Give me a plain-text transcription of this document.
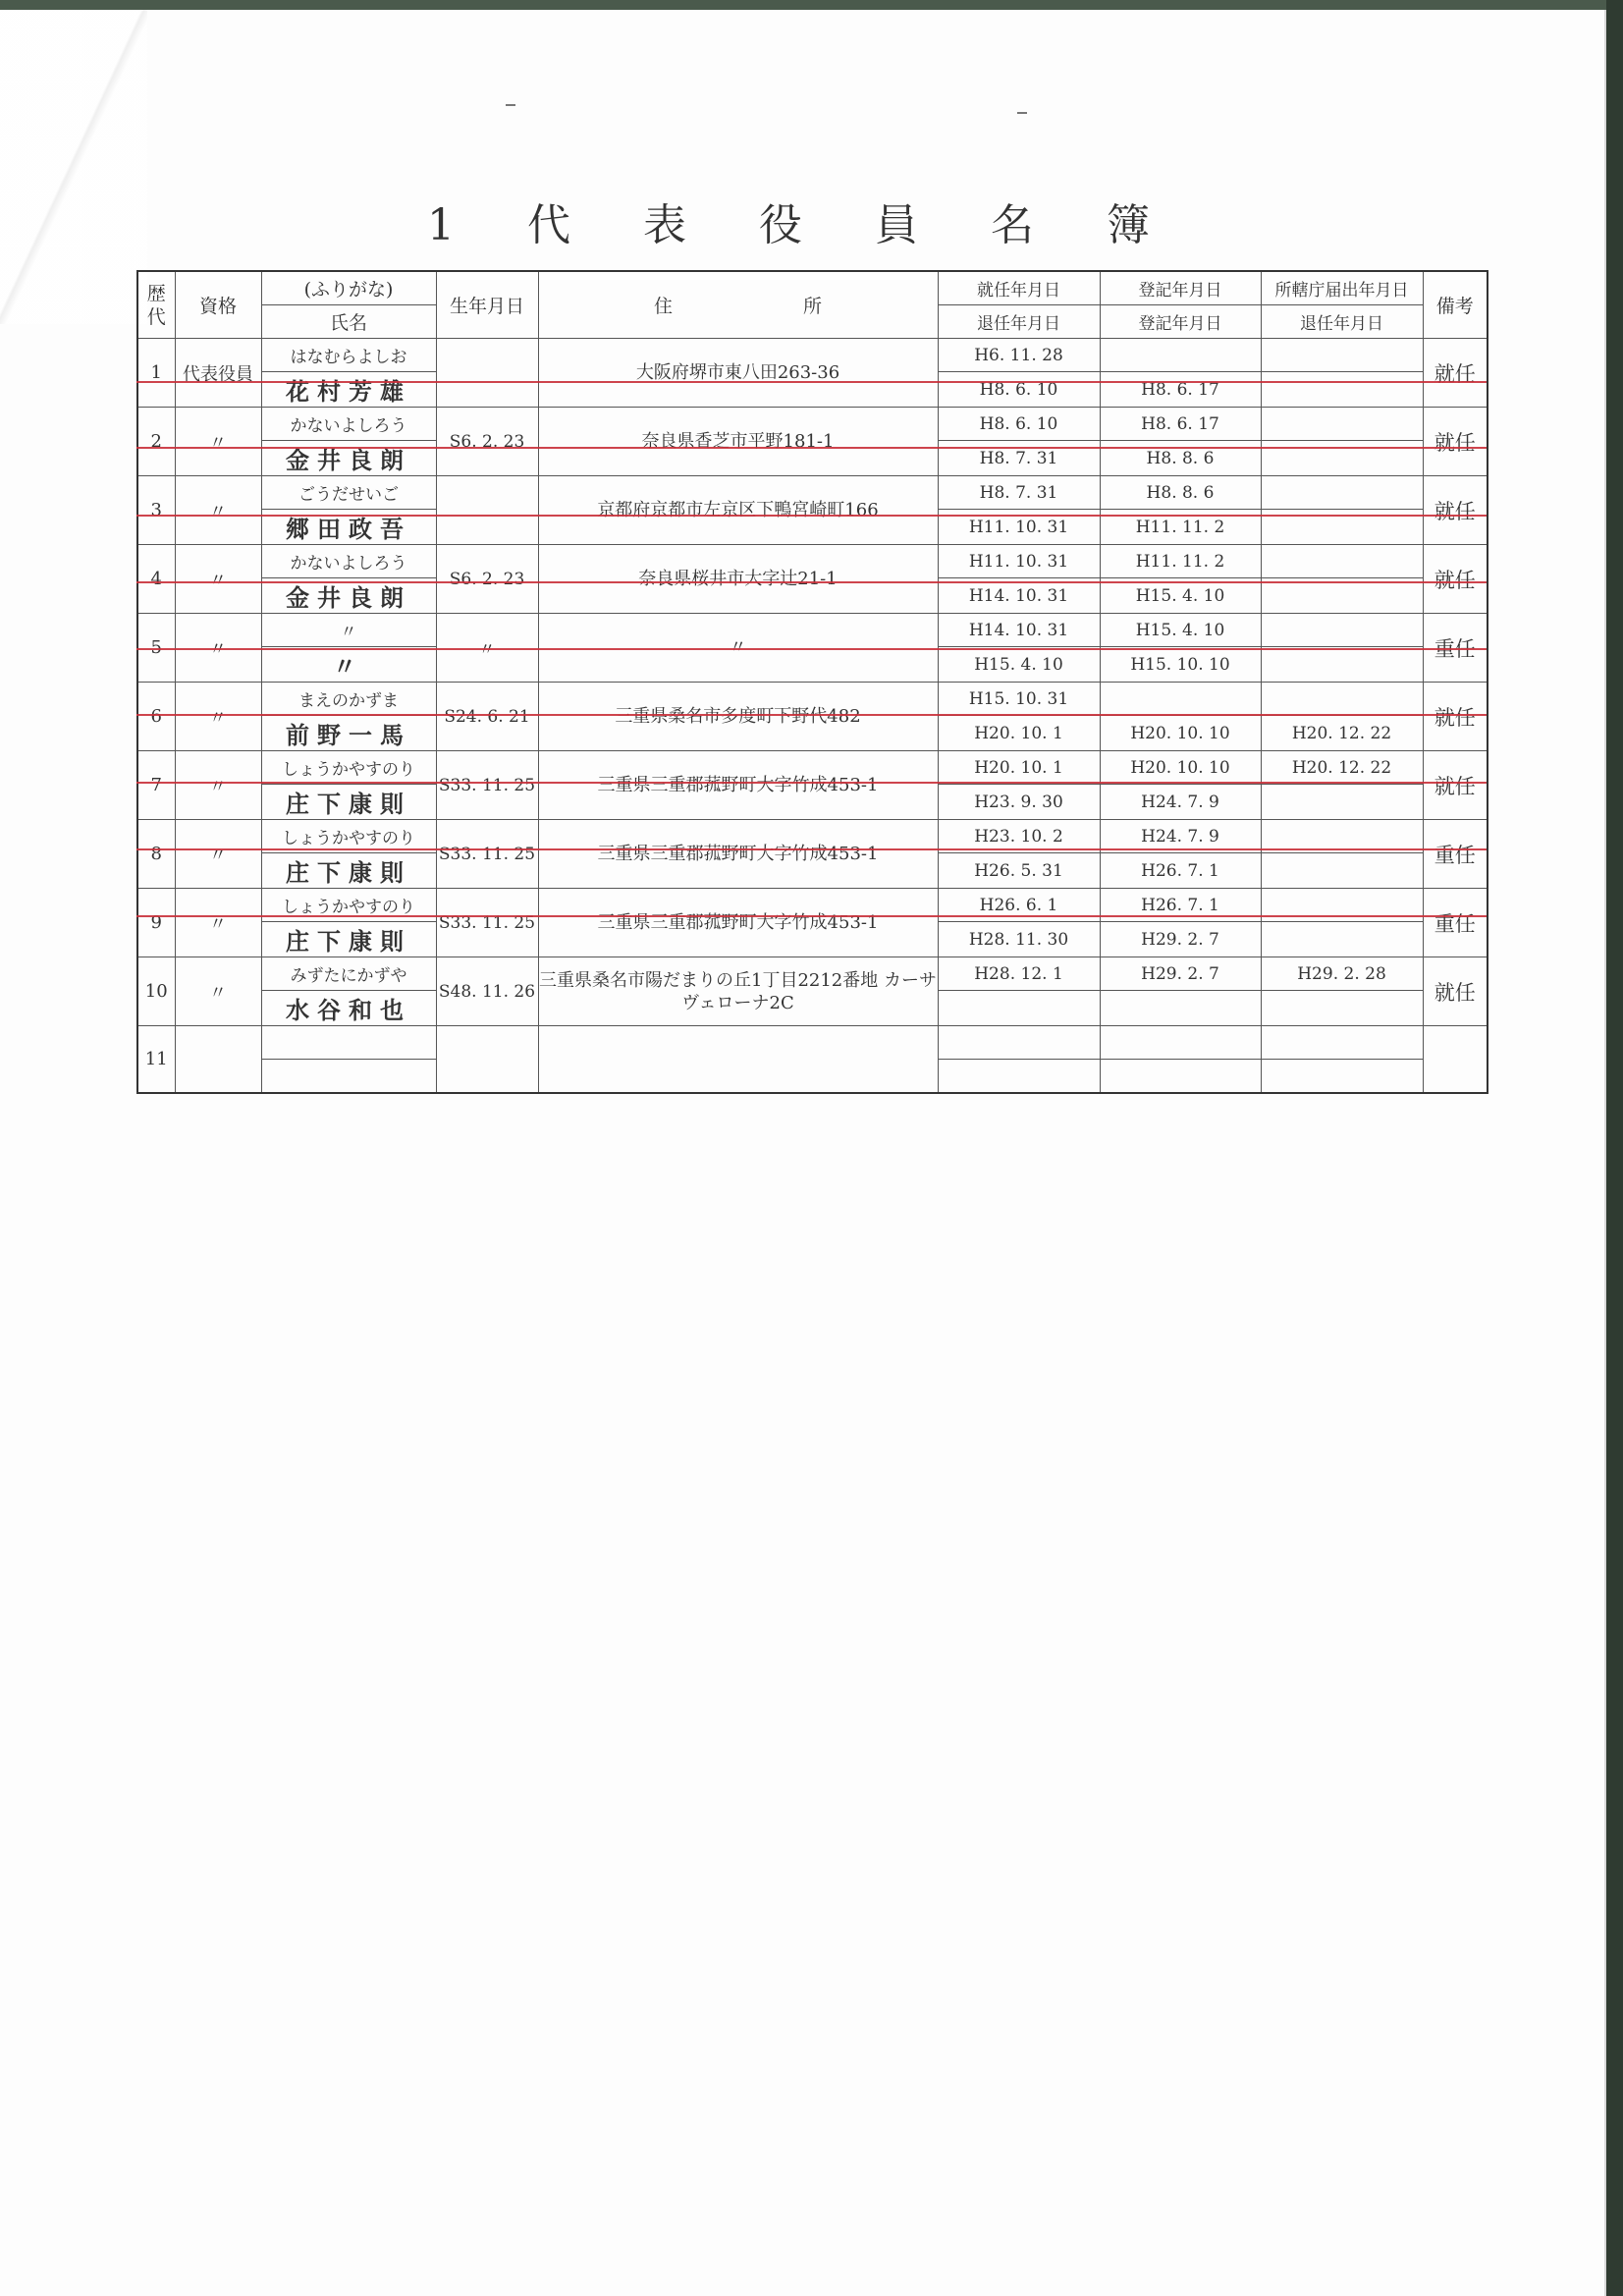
1 代 表 役 員 名 簿
歴代	資格	(ふりがな)	生年月日	住　　　　　　　所	就任年月日	登記年月日	所轄庁届出年月日	備考
		氏名			退任年月日	登記年月日	退任年月日	
1	代表役員	はなむらよしお		大阪府堺市東八田263-36	H6. 11. 28			就任
		花村芳雄			H8. 6. 10	H8. 6. 17		
2	〃	かないよしろう	S6. 2. 23	奈良県香芝市平野181-1	H8. 6. 10	H8. 6. 17		就任
		金井良朗			H8. 7. 31	H8. 8. 6		
3	〃	ごうだせいご		京都府京都市左京区下鴨宮崎町166	H8. 7. 31	H8. 8. 6		就任
		郷田政吾			H11. 10. 31	H11. 11. 2		
4	〃	かないよしろう	S6. 2. 23	奈良県桜井市大字辻21-1	H11. 10. 31	H11. 11. 2		就任
		金井良朗			H14. 10. 31	H15. 4. 10		
5	〃	〃	〃	〃	H14. 10. 31	H15. 4. 10		重任
		〃			H15. 4. 10	H15. 10. 10		
6	〃	まえのかずま	S24. 6. 21	三重県桑名市多度町下野代482	H15. 10. 31			就任
		前野一馬			H20. 10. 1	H20. 10. 10	H20. 12. 22	
7	〃	しょうかやすのり	S33. 11. 25	三重県三重郡菰野町大字竹成453-1	H20. 10. 1	H20. 10. 10	H20. 12. 22	就任
		庄下康則			H23. 9. 30	H24. 7. 9		
8	〃	しょうかやすのり	S33. 11. 25	三重県三重郡菰野町大字竹成453-1	H23. 10. 2	H24. 7. 9		重任
		庄下康則			H26. 5. 31	H26. 7. 1		
9	〃	しょうかやすのり	S33. 11. 25	三重県三重郡菰野町大字竹成453-1	H26. 6. 1	H26. 7. 1		重任
		庄下康則			H28. 11. 30	H29. 2. 7		
10	〃	みずたにかずや	S48. 11. 26	三重県桑名市陽だまりの丘1丁目2212番地 カーサヴェローナ2C	H28. 12. 1	H29. 2. 7	H29. 2. 28	就任
		水谷和也						
11								
